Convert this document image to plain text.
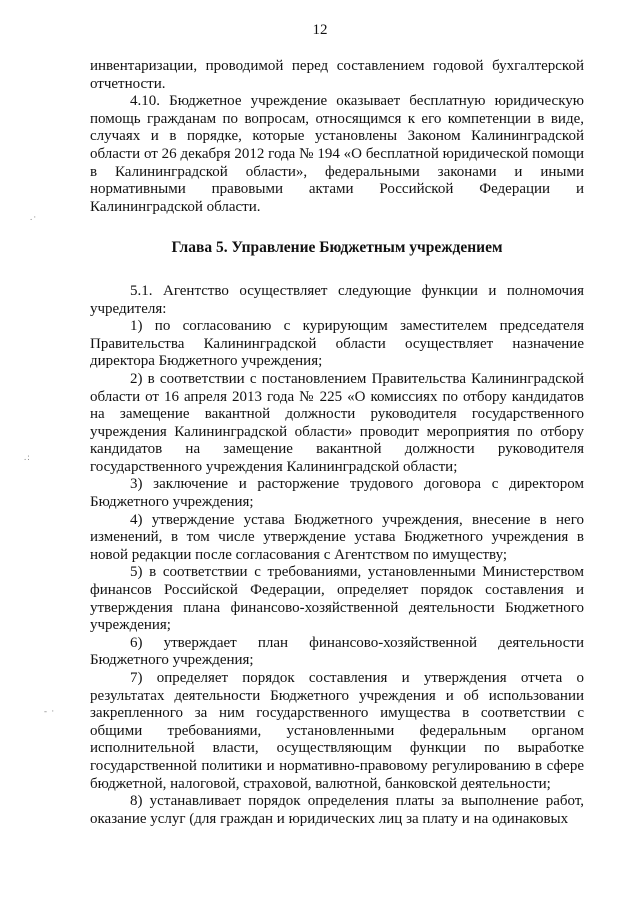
12
.·
.:
- ·

инвентаризации, проводимой перед составлением годовой бухгалтерской отчетности.

4.10. Бюджетное учреждение оказывает бесплатную юридическую помощь гражданам по вопросам, относящимся к его компетенции в виде, случаях и в порядке, которые установлены Законом Калининградской области от 26 декабря 2012 года № 194 «О бесплатной юридической помощи в Калининградской области», федеральными законами и иными нормативными правовыми актами Российской Федерации и Калининградской области.

Глава 5. Управление Бюджетным учреждением

5.1. Агентство осуществляет следующие функции и полномочия учредителя:

1) по согласованию с курирующим заместителем председателя Правительства Калининградской области осуществляет назначение директора Бюджетного учреждения;

2) в соответствии с постановлением Правительства Калининградской области от 16 апреля 2013 года № 225 «О комиссиях по отбору кандидатов на замещение вакантной должности руководителя государственного учреждения Калининградской области» проводит мероприятия по отбору кандидатов на замещение вакантной должности руководителя государственного учреждения Калининградской области;

3) заключение и расторжение трудового договора с директором Бюджетного учреждения;

4) утверждение устава Бюджетного учреждения, внесение в него изменений, в том числе утверждение устава Бюджетного учреждения в новой редакции после согласования с Агентством по имуществу;

5) в соответствии с требованиями, установленными Министерством финансов Российской Федерации, определяет порядок составления и утверждения плана финансово-хозяйственной деятельности Бюджетного учреждения;

6) утверждает план финансово-хозяйственной деятельности Бюджетного учреждения;

7) определяет порядок составления и утверждения отчета о результатах деятельности Бюджетного учреждения и об использовании закрепленного за ним государственного имущества в соответствии с общими требованиями, установленными федеральным органом исполнительной власти, осуществляющим функции по выработке государственной политики и нормативно-правовому регулированию в сфере бюджетной, налоговой, страховой, валютной, банковской деятельности;

8) устанавливает порядок определения платы за выполнение работ, оказание услуг (для граждан и юридических лиц за плату и на одинаковых
